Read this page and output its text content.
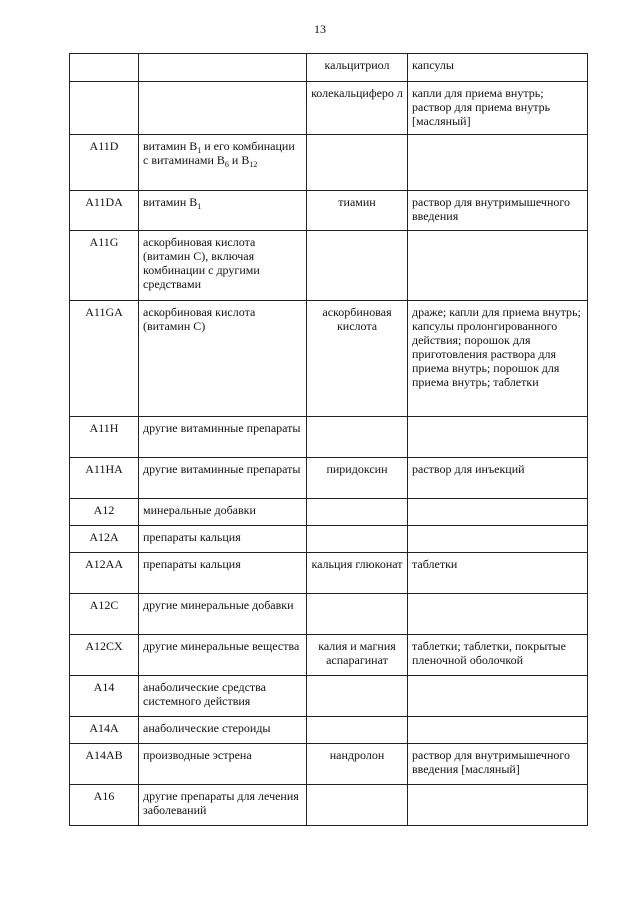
13
		кальцитриол	капсулы
		колекальциферо л	капли для приема внутрь; раствор для приема внутрь [масляный]
A11D	витамин $B_1$ и его комбинации с витаминами $B_6$ и $B_{12}$		
A11DA	витамин $B_1$	тиамин	раствор для внутримышечного введения
A11G	аскорбиновая кислота (витамин C), включая комбинации с другими средствами		
A11GA	аскорбиновая кислота (витамин C)	аскорбиновая кислота	драже; капли для приема внутрь; капсулы пролонгированного действия; порошок для приготовления раствора для приема внутрь; порошок для приема внутрь; таблетки
A11H	другие витаминные препараты		
A11HA	другие витаминные препараты	пиридоксин	раствор для инъекций
A12	минеральные добавки		
A12A	препараты кальция		
A12AA	препараты кальция	кальция глюконат	таблетки
A12C	другие минеральные добавки		
A12CX	другие минеральные вещества	калия и магния аспарагинат	таблетки; таблетки, покрытые пленочной оболочкой
A14	анаболические средства системного действия		
A14A	анаболические стероиды		
A14AB	производные эстрена	нандролон	раствор для внутримышечного введения [масляный]
A16	другие препараты для лечения заболеваний		
